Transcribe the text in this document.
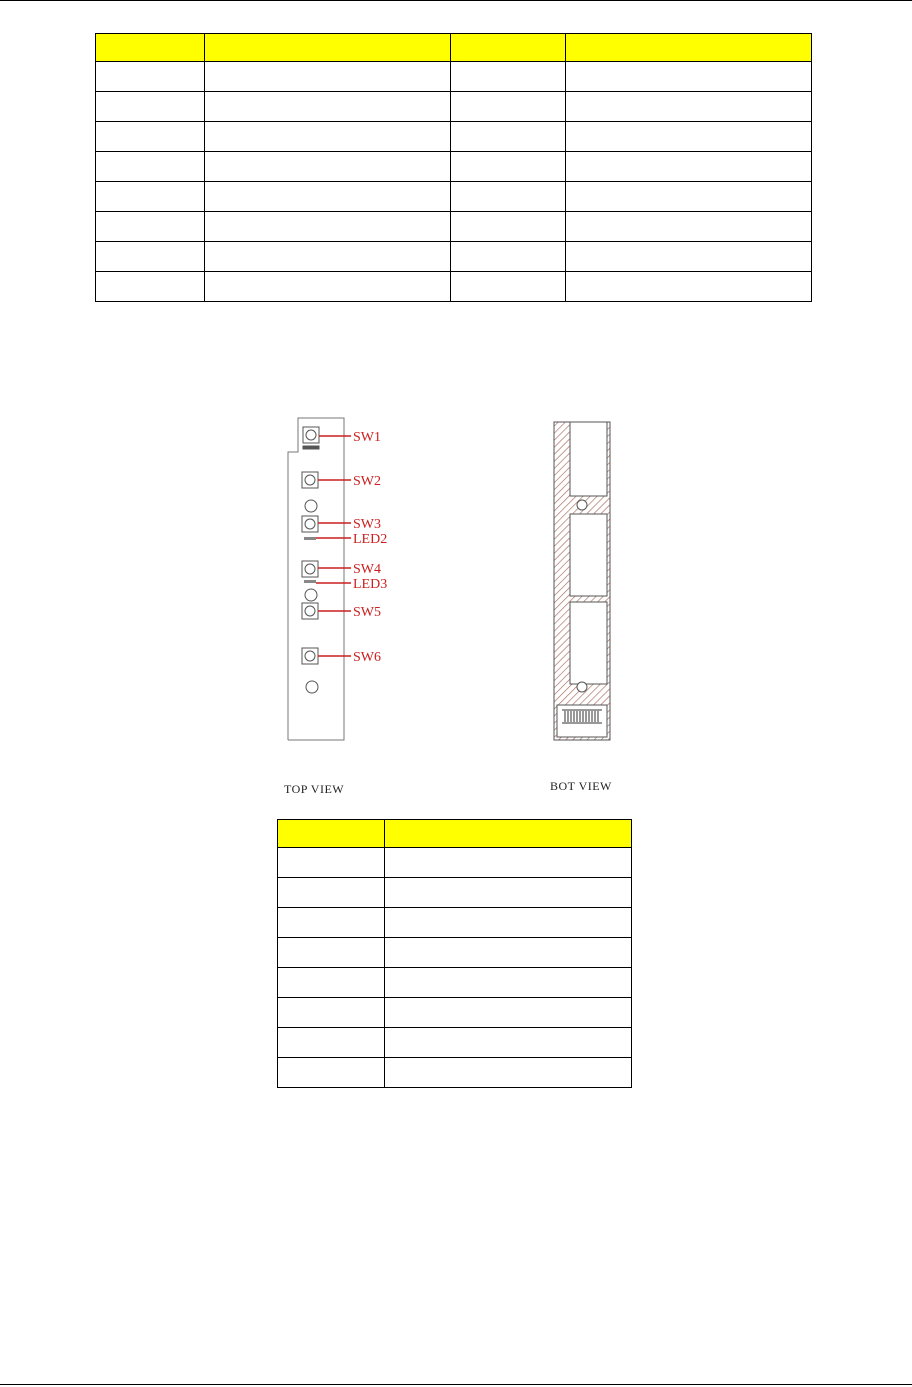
SW1
SW2
SW3
LED2
SW4
LED3
SW5
SW6
TOP VIEW	BOT VIEW
